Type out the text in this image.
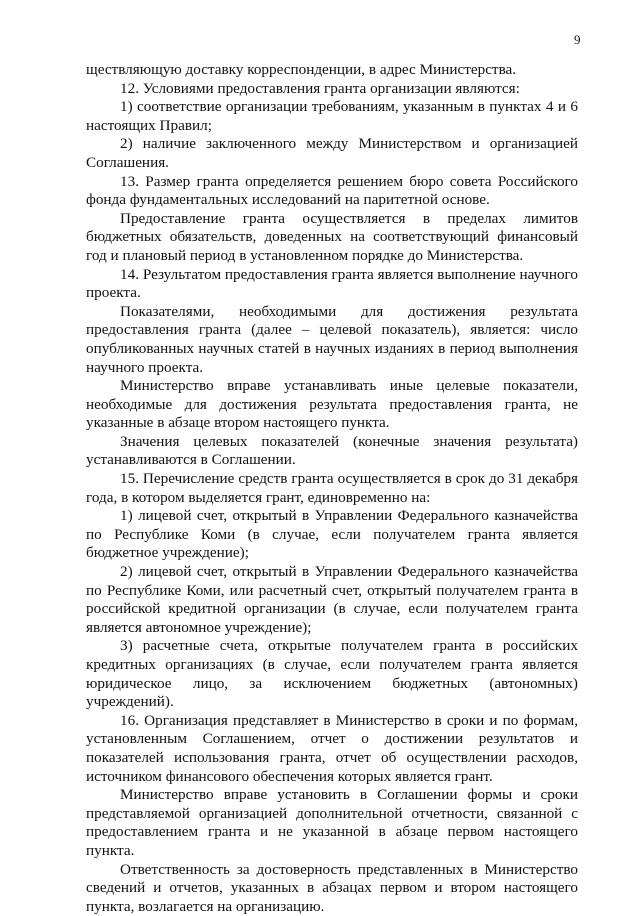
9

ществляющую доставку корреспонденции, в адрес Министерства.

12. Условиями предоставления гранта организации являются:

1) соответствие организации требованиям, указанным в пунктах 4 и 6 настоящих Правил;

2) наличие заключенного между Министерством и организацией Соглашения.

13. Размер гранта определяется решением бюро совета Российского фонда фундаментальных исследований на паритетной основе.

Предоставление гранта осуществляется в пределах лимитов бюджетных обязательств, доведенных на соответствующий финансовый год и плановый период в установленном порядке до Министерства.

14. Результатом предоставления гранта является выполнение научного проекта.

Показателями, необходимыми для достижения результата предоставления гранта (далее – целевой показатель), является: число опубликованных научных статей в научных изданиях в период выполнения научного проекта.

Министерство вправе устанавливать иные целевые показатели, необходимые для достижения результата предоставления гранта, не указанные в абзаце втором настоящего пункта.

Значения целевых показателей (конечные значения результата) устанавливаются в Соглашении.

15. Перечисление средств гранта осуществляется в срок до 31 декабря года, в котором выделяется грант, единовременно на:

1) лицевой счет, открытый в Управлении Федерального казначейства по Республике Коми (в случае, если получателем гранта является бюджетное учреждение);

2) лицевой счет, открытый в Управлении Федерального казначейства по Республике Коми, или расчетный счет, открытый получателем гранта в российской кредитной организации (в случае, если получателем гранта является автономное учреждение);

3) расчетные счета, открытые получателем гранта в российских кредитных организациях (в случае, если получателем гранта является юридическое лицо, за исключением бюджетных (автономных) учреждений).

16. Организация представляет в Министерство в сроки и по формам, установленным Соглашением, отчет о достижении результатов и показателей использования гранта, отчет об осуществлении расходов, источником финансового обеспечения которых является грант.

Министерство вправе установить в Соглашении формы и сроки представляемой организацией дополнительной отчетности, связанной с предоставлением гранта и не указанной в абзаце первом настоящего пункта.

Ответственность за достоверность представленных в Министерство сведений и отчетов, указанных в абзацах первом и втором настоящего пункта, возлагается на организацию.
